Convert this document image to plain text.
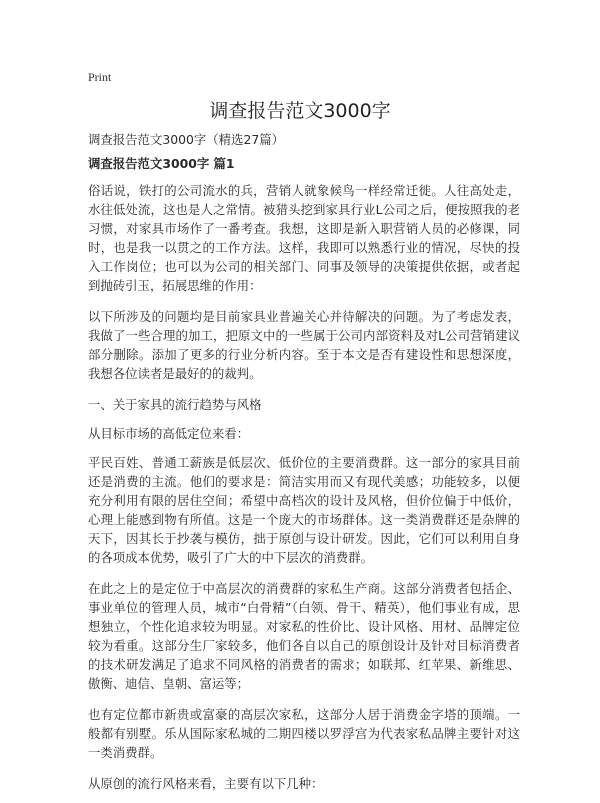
Print
调查报告范文3000字

调查报告范文3000字（精选27篇）

调查报告范文3000字 篇1

俗话说，铁打的公司流水的兵，营销人就象候鸟一样经常迁徙。人往高处走，水往低处流，这也是人之常情。被猎头挖到家具行业L公司之后，便按照我的老习惯，对家具市场作了一番考查。我想，这即是新入职营销人员的必修课，同时，也是我一以贯之的工作方法。这样，我即可以熟悉行业的情况，尽快的投入工作岗位；也可以为公司的相关部门、同事及领导的决策提供依据，或者起到抛砖引玉，拓展思维的作用：

以下所涉及的问题均是目前家具业普遍关心并待解决的问题。为了考虑发表，我做了一些合理的加工，把原文中的一些属于公司内部资料及对L公司营销建议部分删除。添加了更多的行业分析内容。至于本文是否有建设性和思想深度，我想各位读者是最好的的裁判。

一、关于家具的流行趋势与风格

从目标市场的高低定位来看：

平民百姓、普通工薪族是低层次、低价位的主要消费群。这一部分的家具目前还是消费的主流。他们的要求是：简洁实用而又有现代美感；功能较多，以便充分利用有限的居住空间；希望中高档次的设计及风格，但价位偏于中低价，心理上能感到物有所值。这是一个庞大的市场群体。这一类消费群还是杂牌的天下，因其长于抄袭与模仿，拙于原创与设计研发。因此，它们可以利用自身的各项成本优势，吸引了广大的中下层次的消费群。

在此之上的是定位于中高层次的消费群的家私生产商。这部分消费者包括企、事业单位的管理人员，城市“白骨精”（白领、骨干、精英），他们事业有成，思想独立，个性化追求较为明显。对家私的性价比、设计风格、用材、品牌定位较为看重。这部分生厂家较多，他们各自以自己的原创设计及针对目标消费者的技术研发满足了追求不同风格的消费者的需求；如联邦、红苹果、新维思、傲衡、迪信、皇朝、富运等；

也有定位都市新贵或富豪的高层次家私，这部分人居于消费金字塔的顶端。一般都有别墅。乐从国际家私城的二期四楼以罗浮宫为代表家私品牌主要针对这一类消费群。

从原创的流行风格来看，主要有以下几种：
